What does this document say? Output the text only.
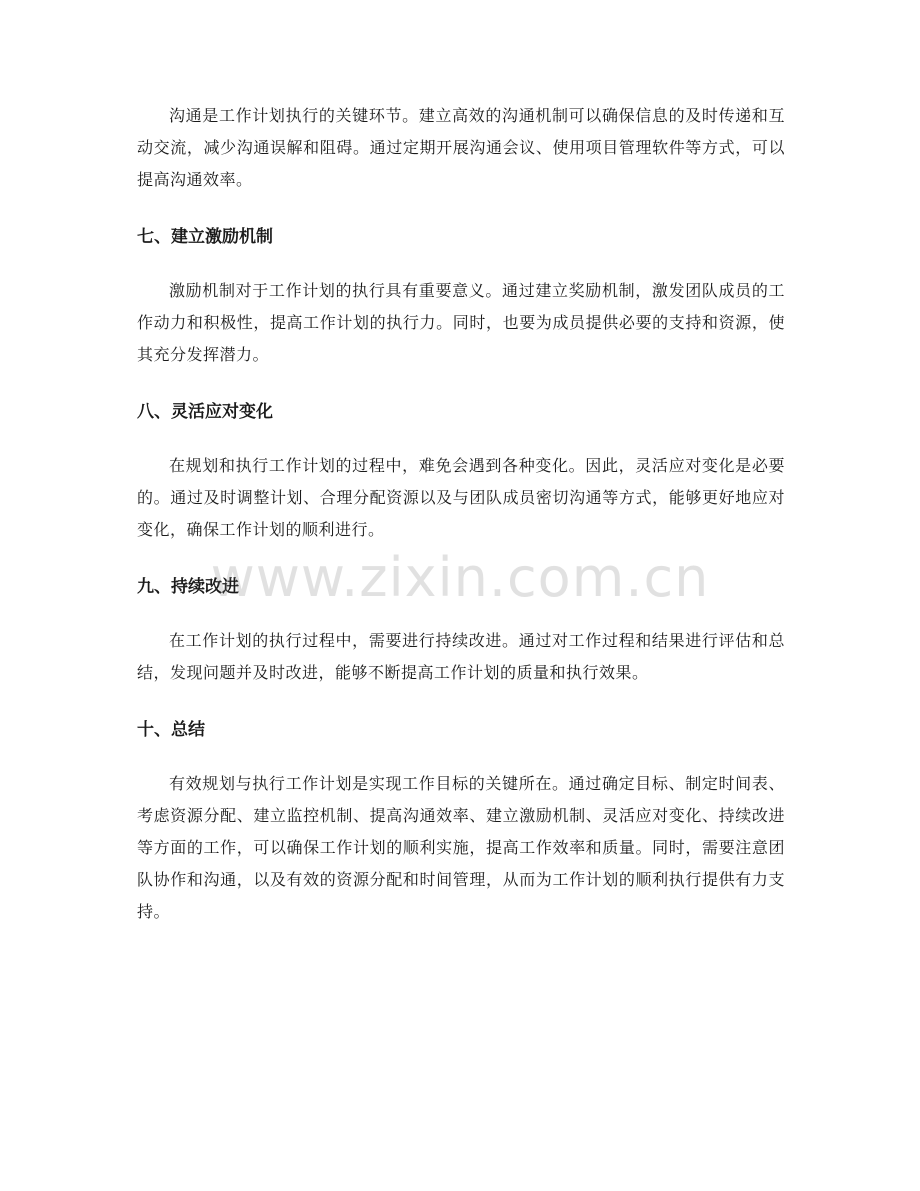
沟通是工作计划执行的关键环节。建立高效的沟通机制可以确保信息的及时传递和互动交流，减少沟通误解和阻碍。通过定期开展沟通会议、使用项目管理软件等方式，可以提高沟通效率。

七、建立激励机制

激励机制对于工作计划的执行具有重要意义。通过建立奖励机制，激发团队成员的工作动力和积极性，提高工作计划的执行力。同时，也要为成员提供必要的支持和资源，使其充分发挥潜力。

八、灵活应对变化

在规划和执行工作计划的过程中，难免会遇到各种变化。因此，灵活应对变化是必要的。通过及时调整计划、合理分配资源以及与团队成员密切沟通等方式，能够更好地应对变化，确保工作计划的顺利进行。

九、持续改进

在工作计划的执行过程中，需要进行持续改进。通过对工作过程和结果进行评估和总结，发现问题并及时改进，能够不断提高工作计划的质量和执行效果。

十、总结

有效规划与执行工作计划是实现工作目标的关键所在。通过确定目标、制定时间表、考虑资源分配、建立监控机制、提高沟通效率、建立激励机制、灵活应对变化、持续改进等方面的工作，可以确保工作计划的顺利实施，提高工作效率和质量。同时，需要注意团队协作和沟通，以及有效的资源分配和时间管理，从而为工作计划的顺利执行提供有力支持。

www.zixin.com.cn
